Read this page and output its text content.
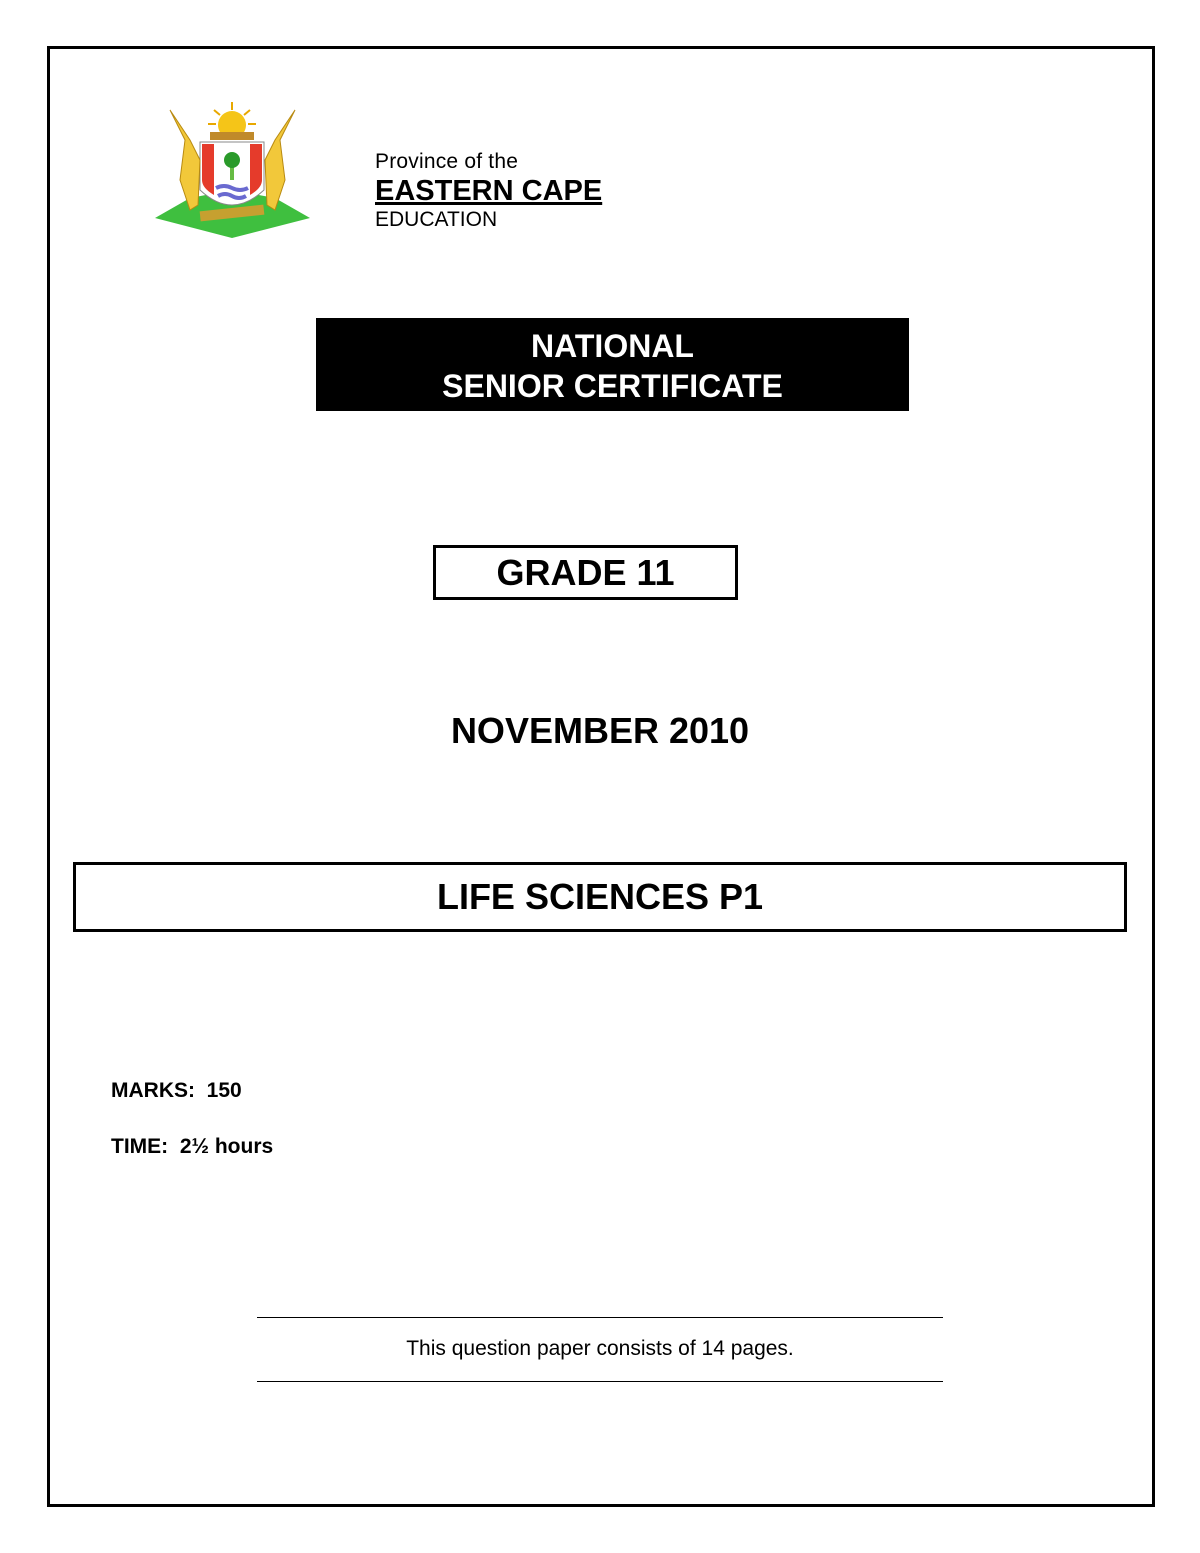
Province of the
EASTERN CAPE
EDUCATION
NATIONAL
SENIOR CERTIFICATE
GRADE 11
NOVEMBER 2010
LIFE SCIENCES P1
MARKS: 150
TIME: 2½ hours
This question paper consists of 14 pages.
